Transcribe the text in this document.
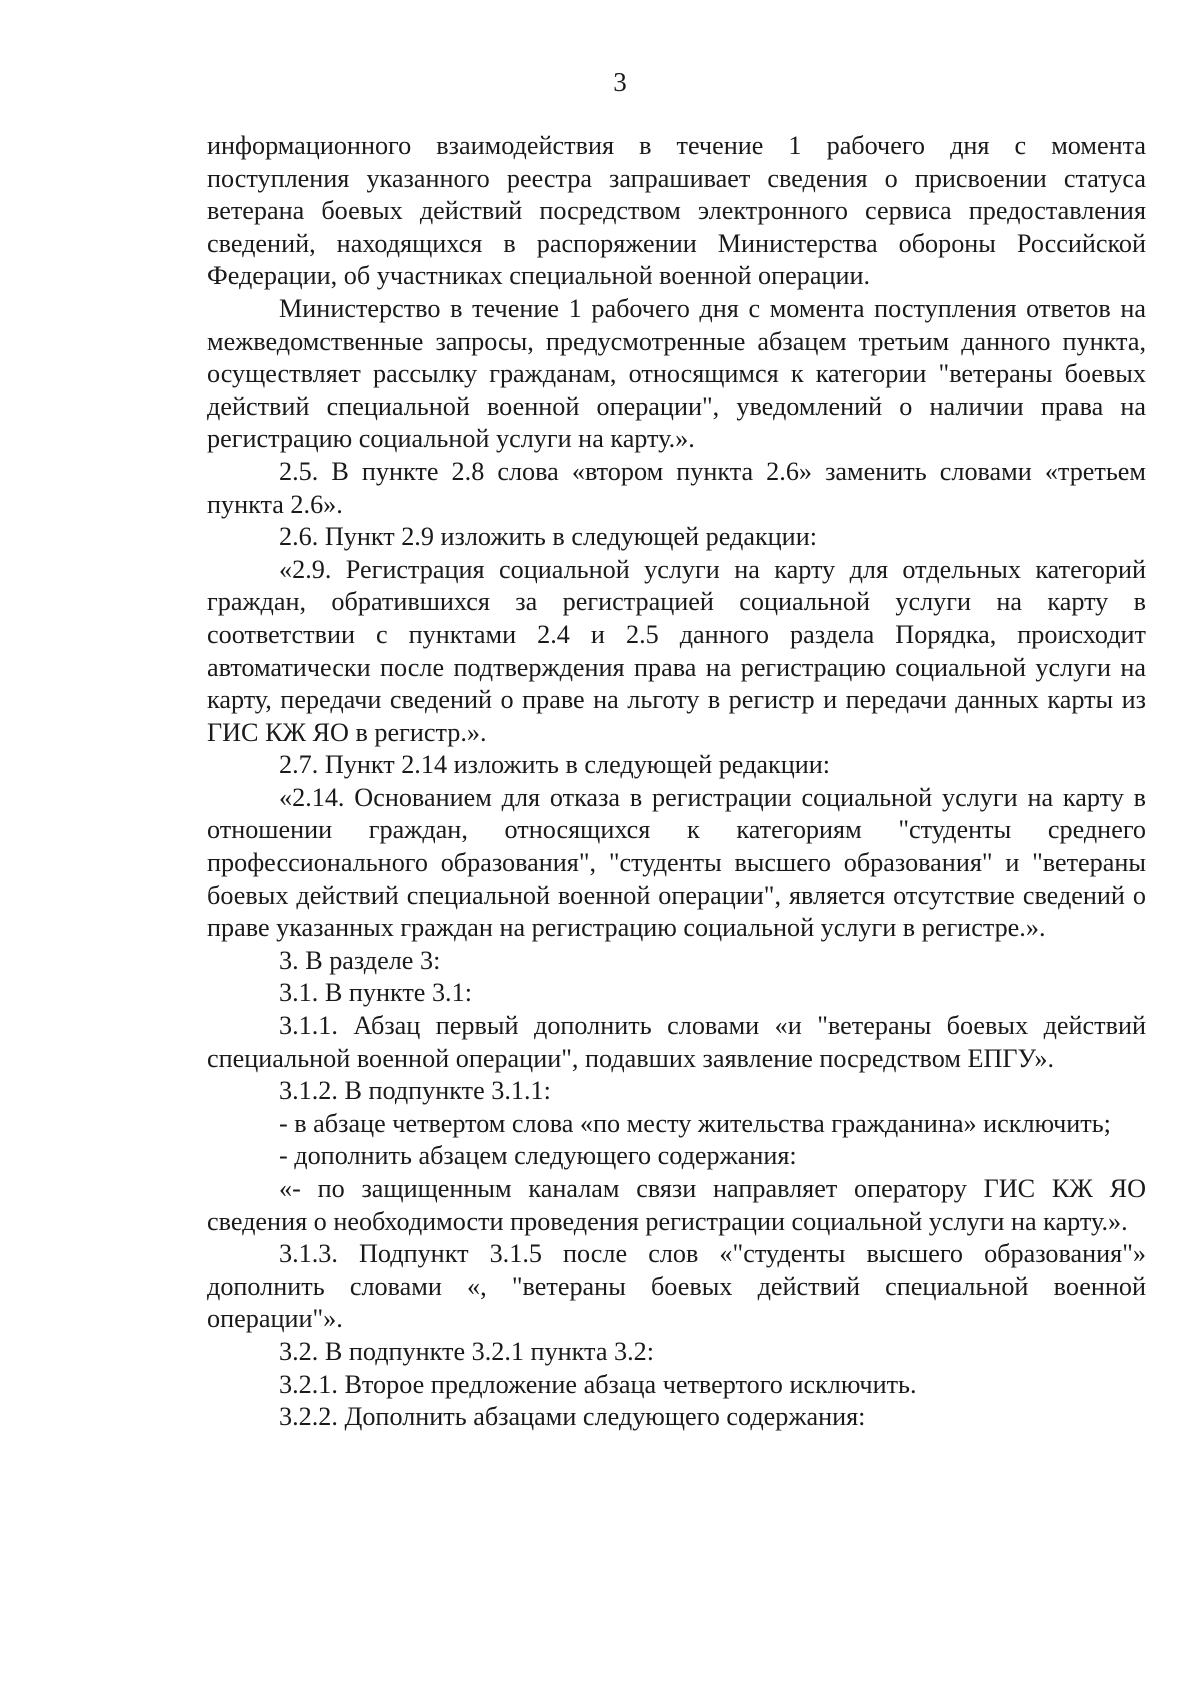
3

информационного взаимодействия в течение 1 рабочего дня с момента поступления указанного реестра запрашивает сведения о присвоении статуса ветерана боевых действий посредством электронного сервиса предоставления сведений, находящихся в распоряжении Министерства обороны Российской Федерации, об участниках специальной военной операции.

Министерство в течение 1 рабочего дня с момента поступления ответов на межведомственные запросы, предусмотренные абзацем третьим данного пункта, осуществляет рассылку гражданам, относящимся к категории "ветераны боевых действий специальной военной операции", уведомлений о наличии права на регистрацию социальной услуги на карту.».

2.5. В пункте 2.8 слова «втором пункта 2.6» заменить словами «третьем пункта 2.6».

2.6. Пункт 2.9 изложить в следующей редакции:

«2.9. Регистрация социальной услуги на карту для отдельных категорий граждан, обратившихся за регистрацией социальной услуги на карту в соответствии с пунктами 2.4 и 2.5 данного раздела Порядка, происходит автоматически после подтверждения права на регистрацию социальной услуги на карту, передачи сведений о праве на льготу в регистр и передачи данных карты из ГИС КЖ ЯО в регистр.».

2.7. Пункт 2.14 изложить в следующей редакции:

«2.14. Основанием для отказа в регистрации социальной услуги на карту в отношении граждан, относящихся к категориям "студенты среднего профессионального образования", "студенты высшего образования" и "ветераны боевых действий специальной военной операции", является отсутствие сведений о праве указанных граждан на регистрацию социальной услуги в регистре.».

3. В разделе 3:

3.1. В пункте 3.1:

3.1.1. Абзац первый дополнить словами «и "ветераны боевых действий специальной военной операции", подавших заявление посредством ЕПГУ».

3.1.2. В подпункте 3.1.1:

- в абзаце четвертом слова «по месту жительства гражданина» исключить;

- дополнить абзацем следующего содержания:

«- по защищенным каналам связи направляет оператору ГИС КЖ ЯО сведения о необходимости проведения регистрации социальной услуги на карту.».

3.1.3. Подпункт 3.1.5 после слов «"студенты высшего образования"» дополнить словами «, "ветераны боевых действий специальной военной операции"».

3.2. В подпункте 3.2.1 пункта 3.2:

3.2.1. Второе предложение абзаца четвертого исключить.

3.2.2. Дополнить абзацами следующего содержания:
